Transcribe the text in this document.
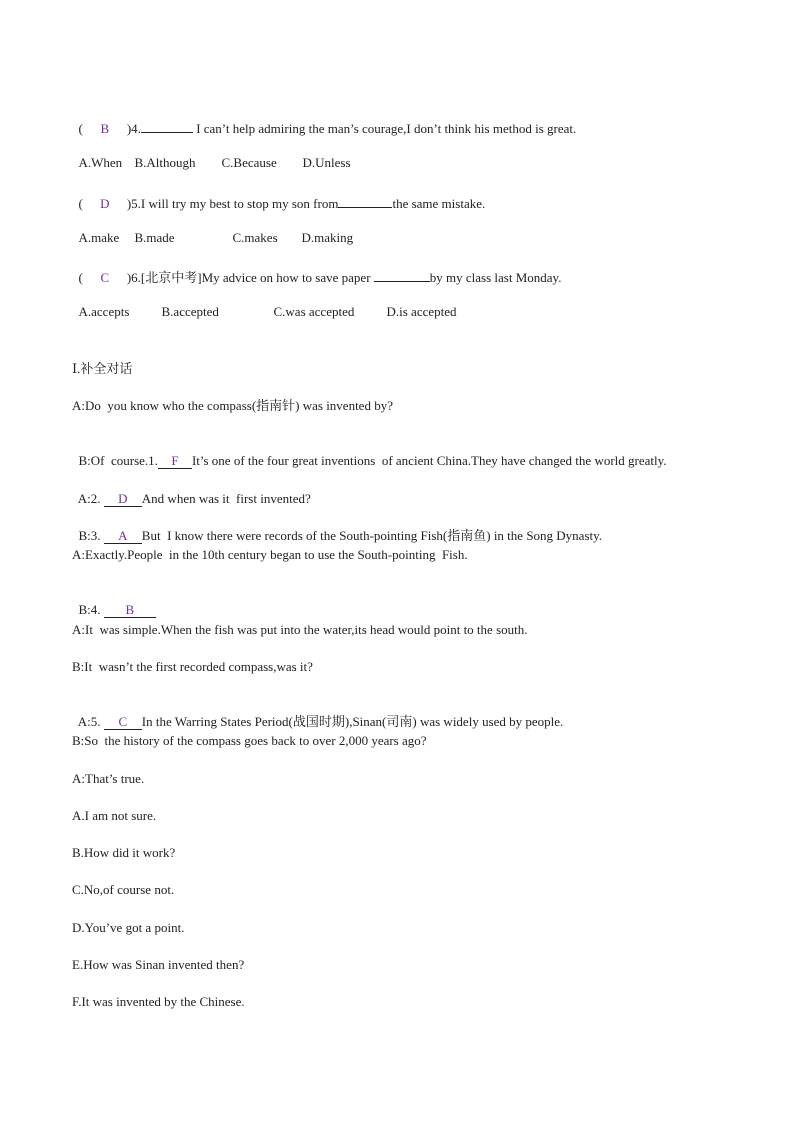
( B )4.	I can’t help admiring the man’s courage,I don’t think his method is great.

A.When B.Although C.Because D.Unless

( D )5.I will try my best to stop my son from	the same mistake.

A.make B.made	C.makes D.making

( C )6.[北京中考]My advice on how to save paper	by my class last Monday.

A.accepts B.accepted	C.was accepted D.is accepted

Ⅰ.补全对话
A:Do  you know who the compass(指南针) was invented by?

B:Of  course.1. F It’s one of the four great inventions  of ancient China.They have changed the world greatly.

A:2. D And when was it  first invented?

B:3. A But  I know there were records of the South-pointing Fish(指南鱼) in the Song Dynasty.

A:Exactly.People  in the 10th century began to use the South-pointing  Fish.

B:4. B

A:It  was simple.When the fish was put into the water,its head would point to the south.
B:It  wasn’t the first recorded compass,was it?

A:5. C In the Warring States Period(战国时期),Sinan(司南) was widely used by people.

B:So  the history of the compass goes back to over 2,000 years ago?
A:That’s true.
A.I am not sure.
B.How did it work?
C.No,of course not.
D.You’ve got a point.
E.How was Sinan invented then?
F.It was invented by the Chinese.
